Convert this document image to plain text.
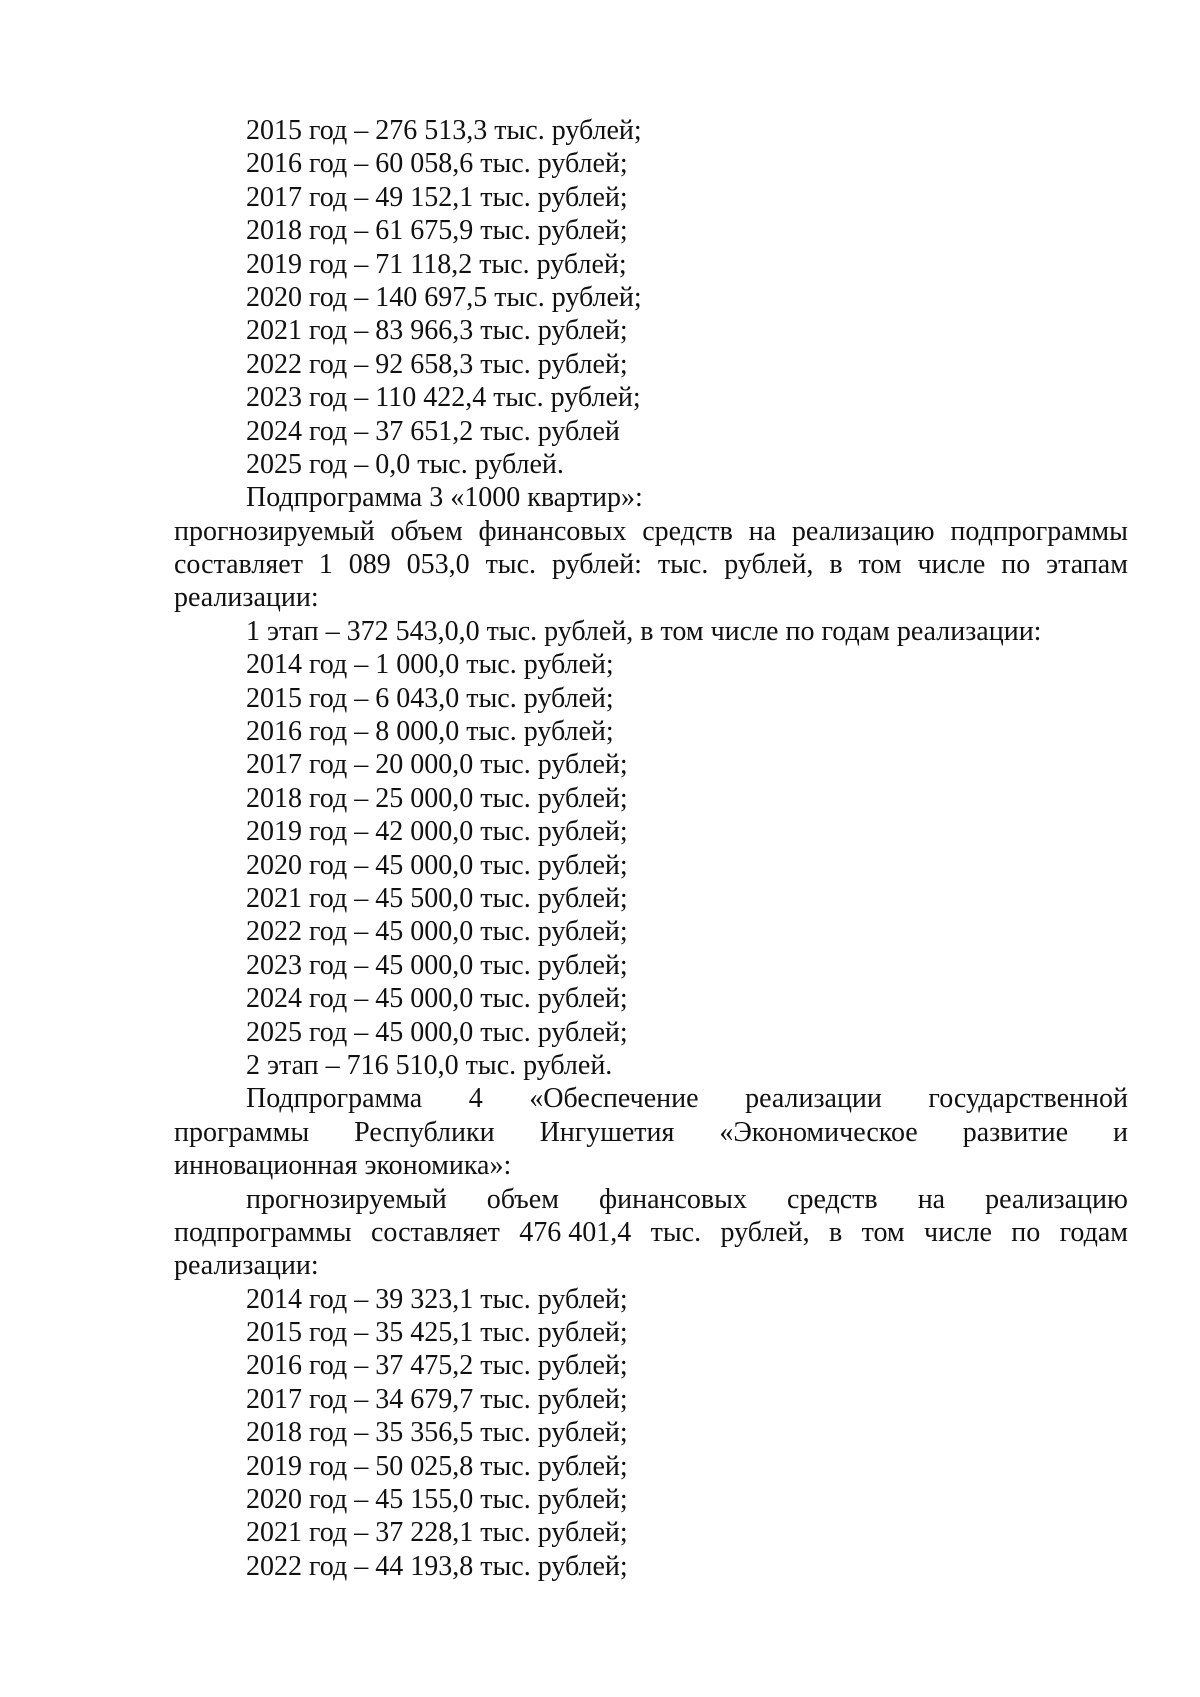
2015 год – 276 513,3 тыс. рублей;
2016 год – 60 058,6 тыс. рублей;
2017 год – 49 152,1 тыс. рублей;
2018 год – 61 675,9 тыс. рублей;
2019 год – 71 118,2 тыс. рублей;
2020 год – 140 697,5 тыс. рублей;
2021 год – 83 966,3 тыс. рублей;
2022 год – 92 658,3 тыс. рублей;
2023 год – 110 422,4 тыс. рублей;
2024 год – 37 651,2 тыс. рублей
2025 год – 0,0 тыс. рублей.
Подпрограмма 3 «1000 квартир»:
прогнозируемый объем финансовых средств на реализацию подпрограммы
составляет 1 089 053,0 тыс. рублей: тыс. рублей, в том числе по этапам
реализации:
1 этап – 372 543,0,0 тыс. рублей, в том числе по годам реализации:
2014 год – 1 000,0 тыс. рублей;
2015 год – 6 043,0 тыс. рублей;
2016 год – 8 000,0 тыс. рублей;
2017 год – 20 000,0 тыс. рублей;
2018 год – 25 000,0 тыс. рублей;
2019 год – 42 000,0 тыс. рублей;
2020 год – 45 000,0 тыс. рублей;
2021 год – 45 500,0 тыс. рублей;
2022 год – 45 000,0 тыс. рублей;
2023 год – 45 000,0 тыс. рублей;
2024 год – 45 000,0 тыс. рублей;
2025 год – 45 000,0 тыс. рублей;
2 этап – 716 510,0 тыс. рублей.
Подпрограмма 4 «Обеспечение реализации государственной
программы Республики Ингушетия «Экономическое развитие и
инновационная экономика»:
прогнозируемый объем финансовых средств на реализацию
подпрограммы составляет 476 401,4 тыс. рублей, в том числе по годам
реализации:
2014 год – 39 323,1 тыс. рублей;
2015 год – 35 425,1 тыс. рублей;
2016 год – 37 475,2 тыс. рублей;
2017 год – 34 679,7 тыс. рублей;
2018 год – 35 356,5 тыс. рублей;
2019 год – 50 025,8 тыс. рублей;
2020 год – 45 155,0 тыс. рублей;
2021 год – 37 228,1 тыс. рублей;
2022 год – 44 193,8 тыс. рублей;
